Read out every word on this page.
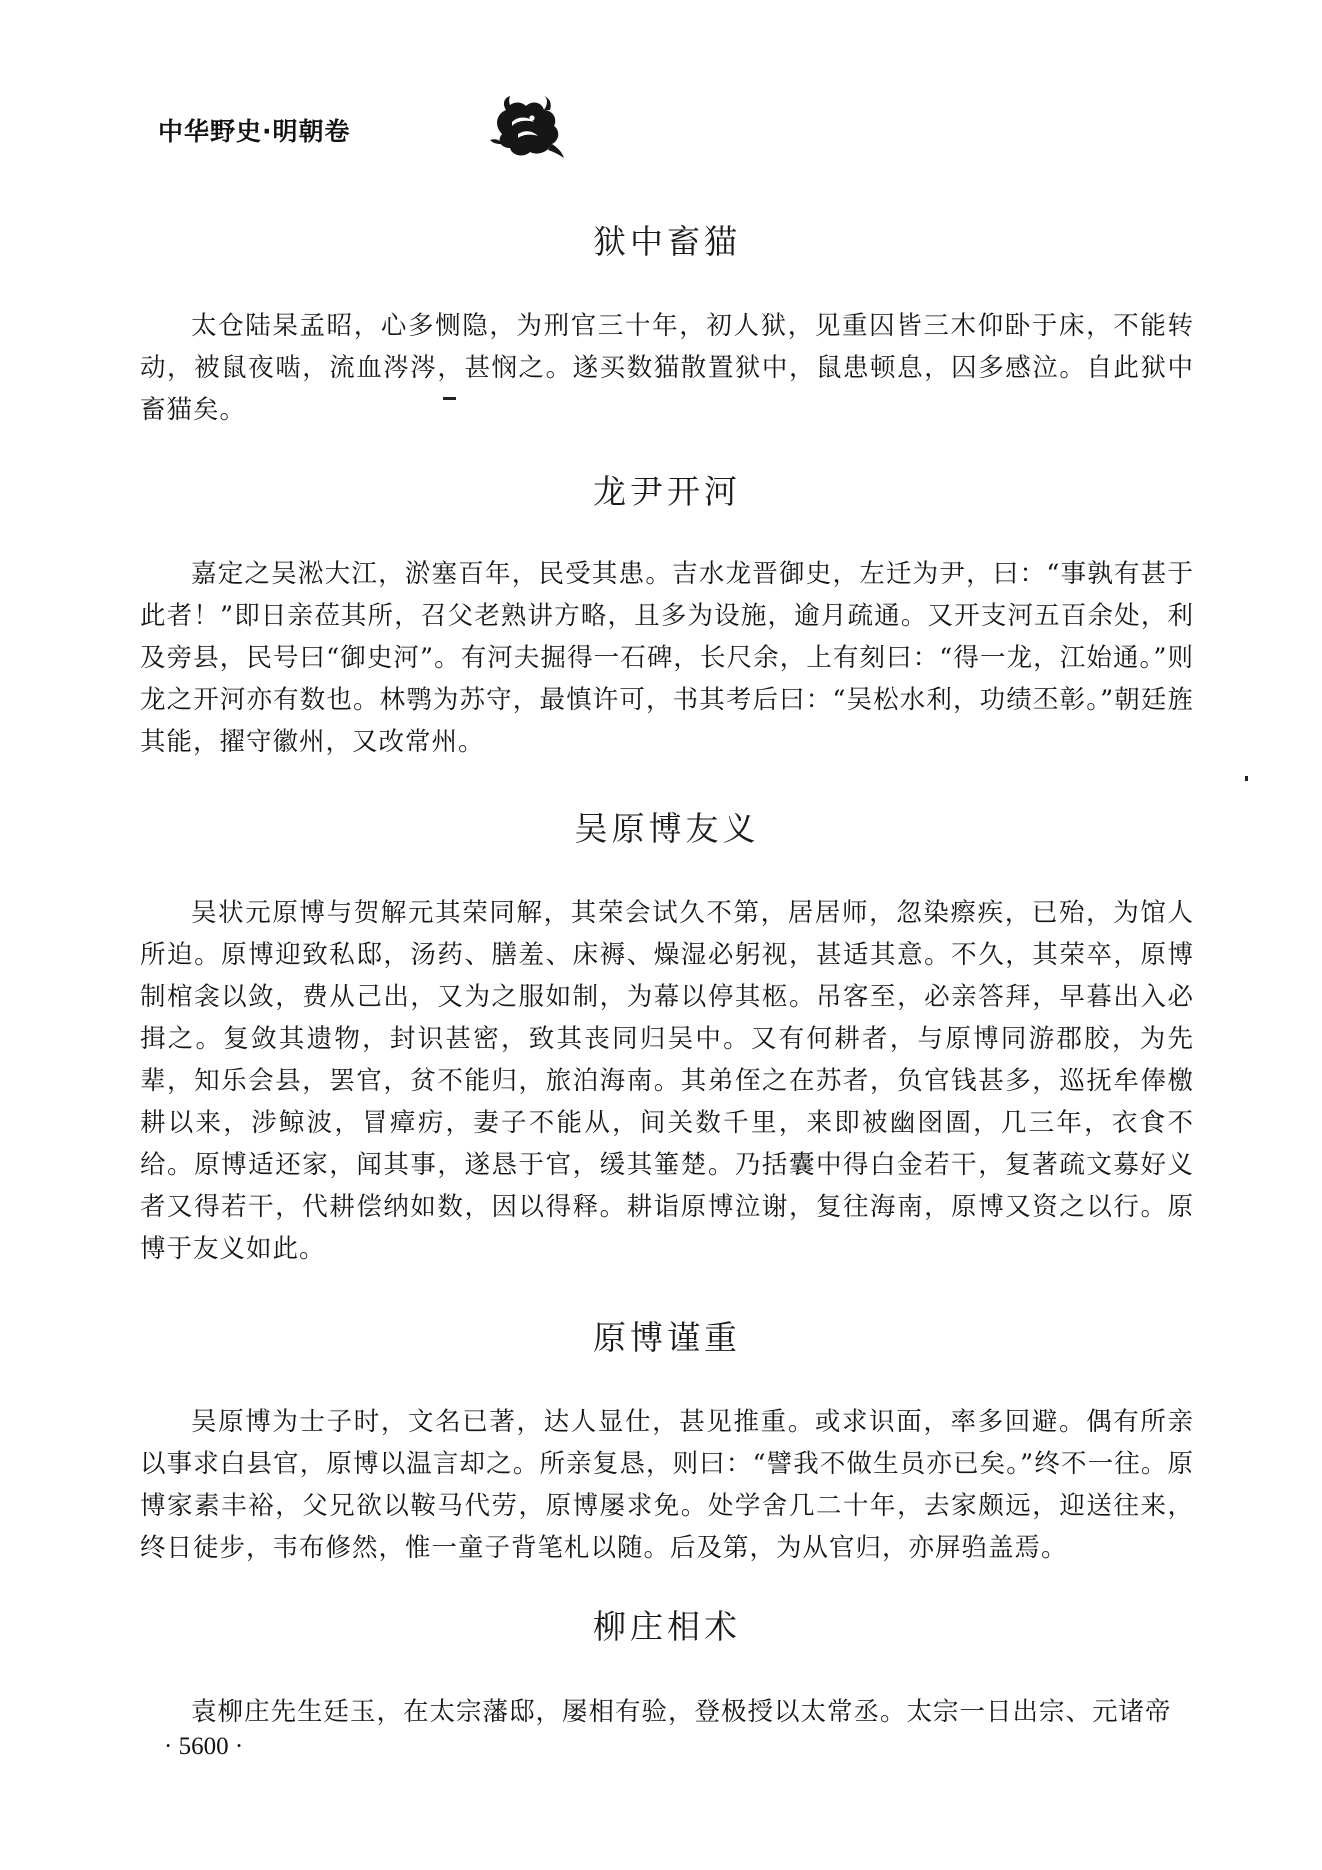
中华野史·明朝卷
狱中畜猫

太仓陆杲孟昭，心多恻隐，为刑官三十年，初人狱，见重囚皆三木仰卧于床，不能转动，被鼠夜啮，流血涔涔，甚悯之。遂买数猫散置狱中，鼠患顿息，囚多感泣。自此狱中畜猫矣。

龙尹开河

嘉定之吴淞大江，淤塞百年，民受其患。吉水龙晋御史，左迁为尹，曰：“事孰有甚于此者！”即日亲莅其所，召父老熟讲方略，且多为设施，逾月疏通。又开支河五百余处，利及旁县，民号曰“御史河”。有河夫掘得一石碑，长尺余，上有刻曰：“得一龙，江始通。”则龙之开河亦有数也。林鹗为苏守，最慎许可，书其考后曰：“吴松水利，功绩丕彰。”朝廷旌其能，擢守徽州，又改常州。

吴原博友义

吴状元原博与贺解元其荣同解，其荣会试久不第，居居师，忽染瘵疾，已殆，为馆人所迫。原博迎致私邸，汤药、膳羞、床褥、燥湿必躬视，甚适其意。不久，其荣卒，原博制棺衾以敛，费从己出，又为之服如制，为幕以停其柩。吊客至，必亲答拜，早暮出入必揖之。复敛其遗物，封识甚密，致其丧同归吴中。又有何耕者，与原博同游郡胶，为先辈，知乐会县，罢官，贫不能归，旅泊海南。其弟侄之在苏者，负官钱甚多，巡抚牟俸檄耕以来，涉鲸波，冒瘴疠，妻子不能从，间关数千里，来即被幽囹圄，几三年，衣食不给。原博适还家，闻其事，遂恳于官，缓其箠楚。乃括囊中得白金若干，复著疏文募好义者又得若干，代耕偿纳如数，因以得释。耕诣原博泣谢，复往海南，原博又资之以行。原博于友义如此。

原博谨重

吴原博为士子时，文名已著，达人显仕，甚见推重。或求识面，率多回避。偶有所亲以事求白县官，原博以温言却之。所亲复恳，则曰：“譬我不做生员亦已矣。”终不一往。原博家素丰裕，父兄欲以鞍马代劳，原博屡求免。处学舍几二十年，去家颇远，迎送往来，终日徒步，韦布修然，惟一童子背笔札以随。后及第，为从官归，亦屏驺盖焉。

柳庄相术

袁柳庄先生廷玉，在太宗藩邸，屡相有验，登极授以太常丞。太宗一日出宗、元诸帝

· 5600 ·
